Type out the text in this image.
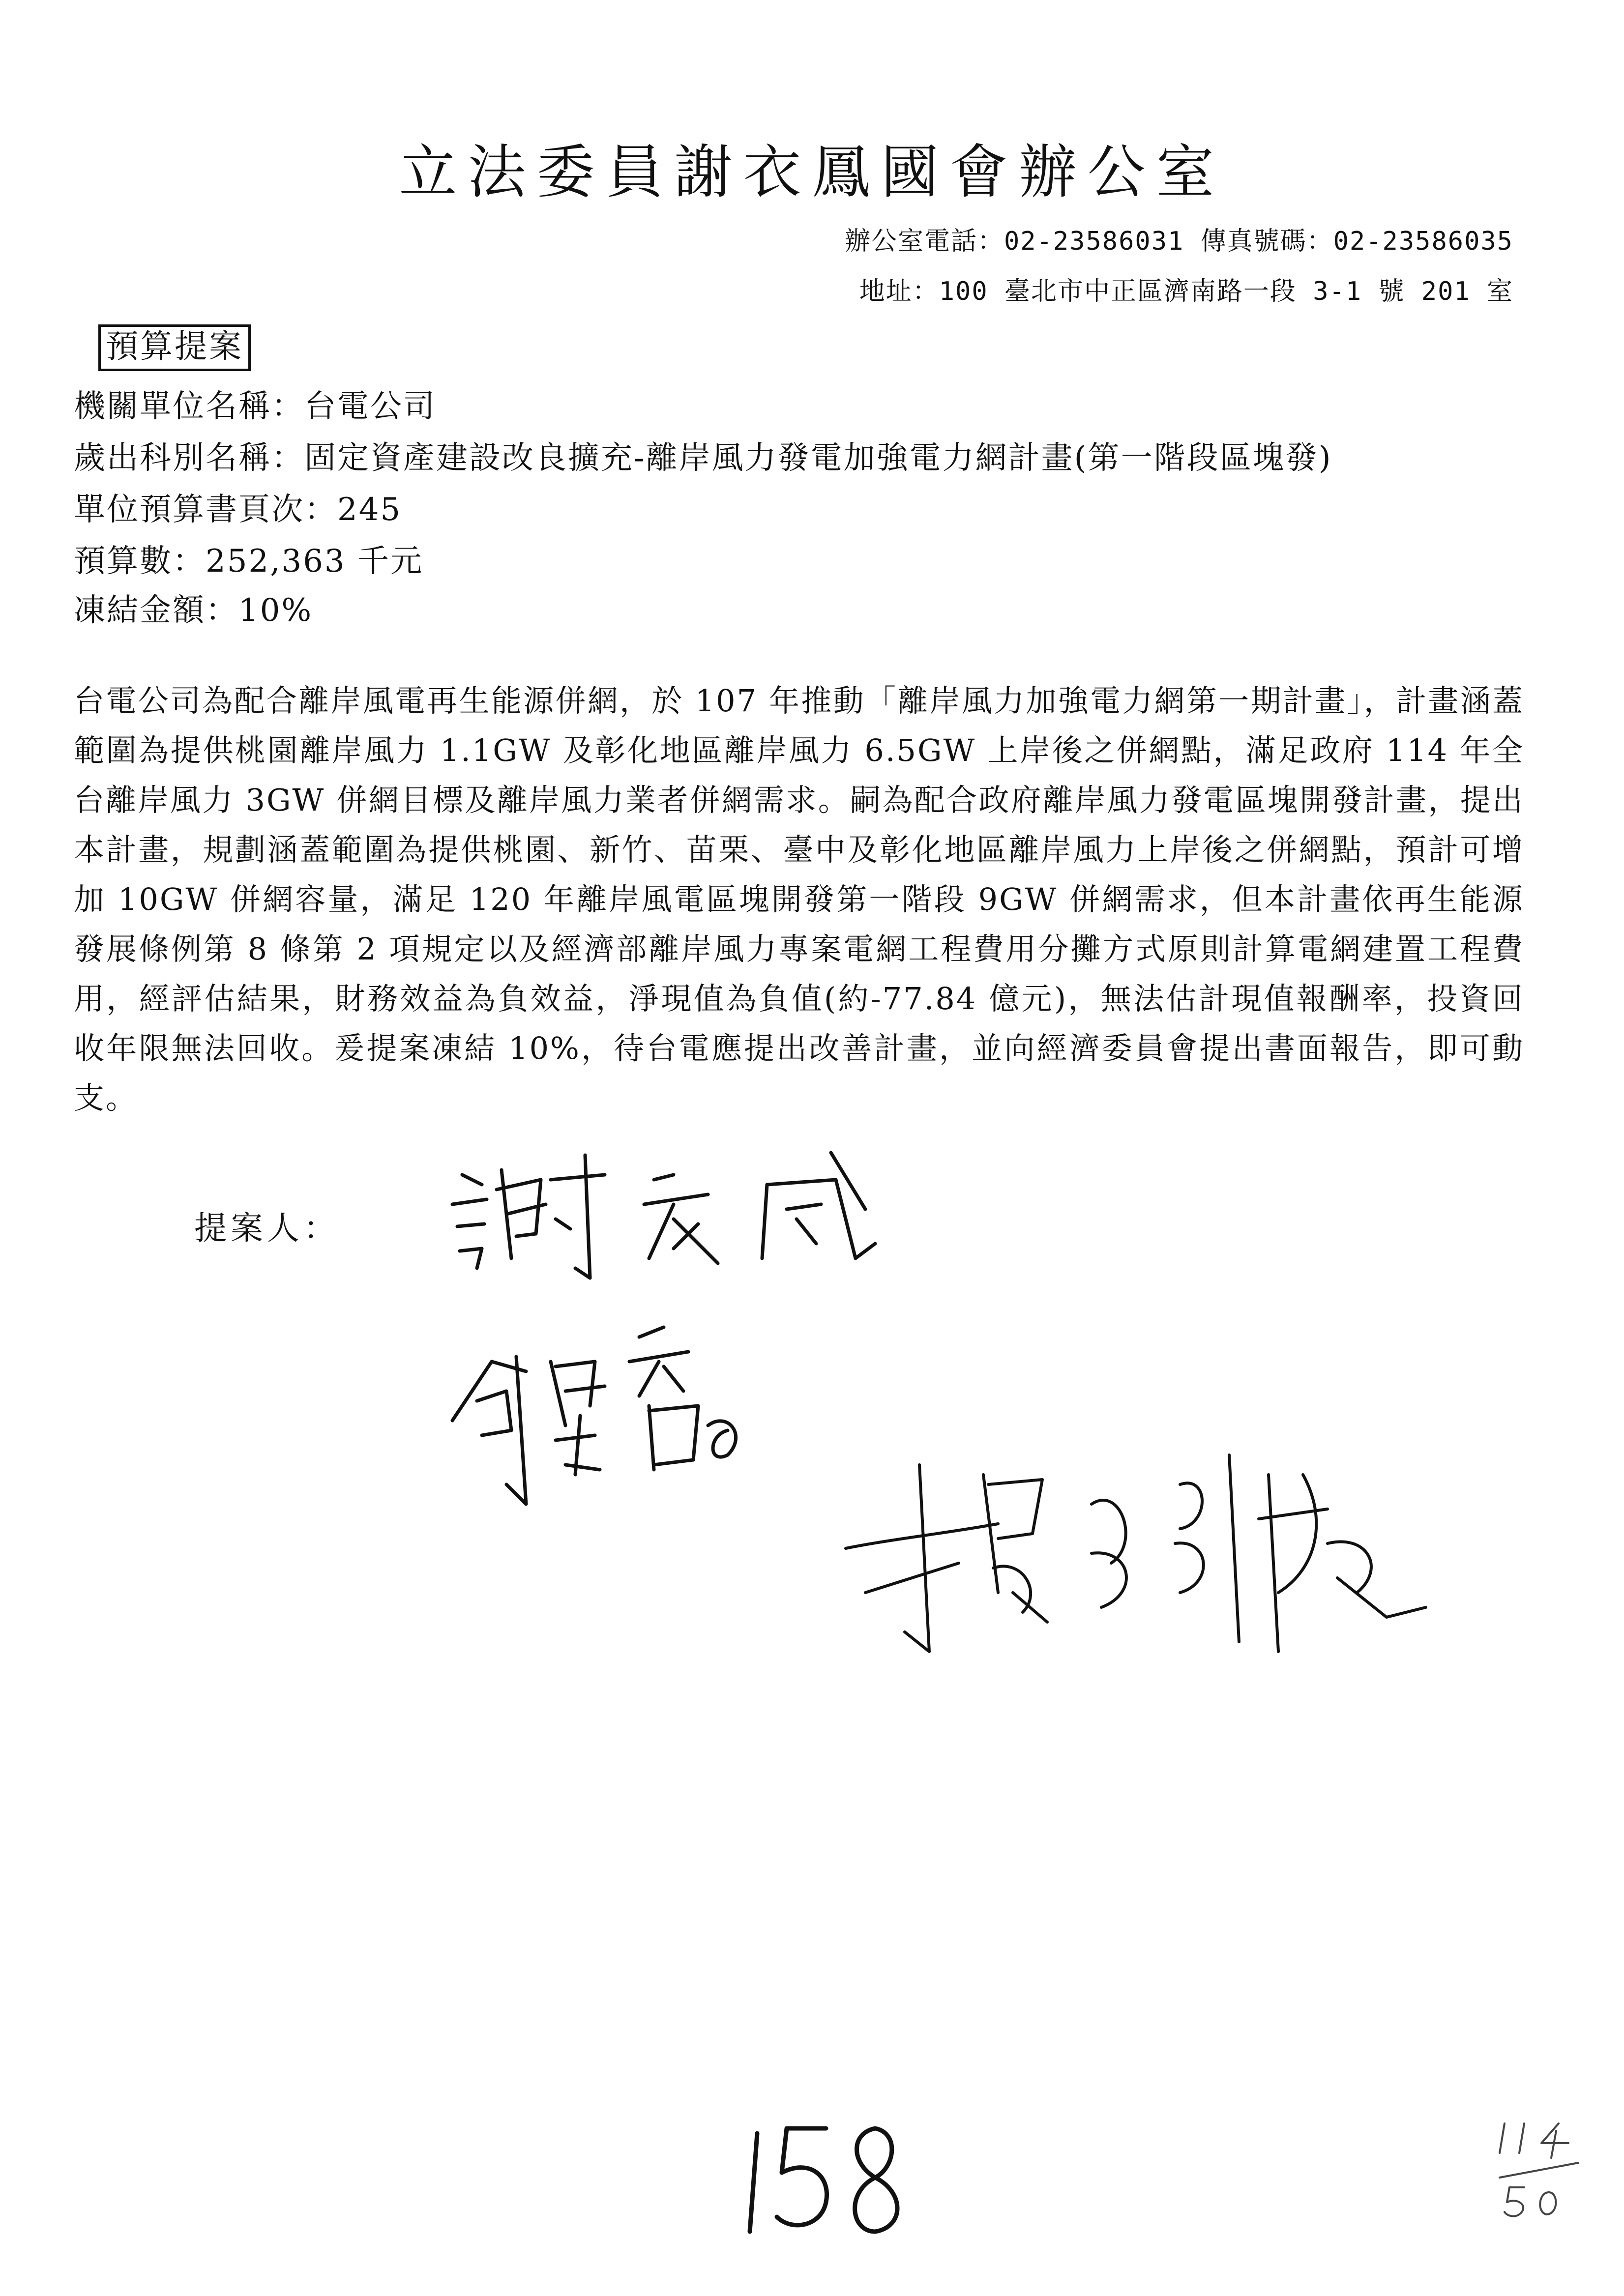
立法委員謝衣鳳國會辦公室
辦公室電話：02-23586031 傳真號碼：02-23586035
地址：100 臺北市中正區濟南路一段 3-1 號 201 室
預算提案
機關單位名稱：台電公司
歲出科別名稱：固定資產建設改良擴充-離岸風力發電加強電力網計畫(第一階段區塊發)
單位預算書頁次：245
預算數：252,363 千元
凍結金額：10%
台電公司為配合離岸風電再生能源併網，於 107 年推動「離岸風力加強電力網第一期計畫」，計畫涵蓋範圍為提供桃園離岸風力 1.1GW 及彰化地區離岸風力 6.5GW 上岸後之併網點，滿足政府 114 年全台離岸風力 3GW 併網目標及離岸風力業者併網需求。嗣為配合政府離岸風力發電區塊開發計畫，提出本計畫，規劃涵蓋範圍為提供桃園、新竹、苗栗、臺中及彰化地區離岸風力上岸後之併網點，預計可增加 10GW 併網容量，滿足 120 年離岸風電區塊開發第一階段 9GW 併網需求，但本計畫依再生能源發展條例第 8 條第 2 項規定以及經濟部離岸風力專案電網工程費用分攤方式原則計算電網建置工程費用，經評估結果，財務效益為負效益，淨現值為負值(約-77.84 億元)，無法估計現值報酬率，投資回收年限無法回收。爰提案凍結 10%，待台電應提出改善計畫，並向經濟委員會提出書面報告，即可動支。
提案人：
